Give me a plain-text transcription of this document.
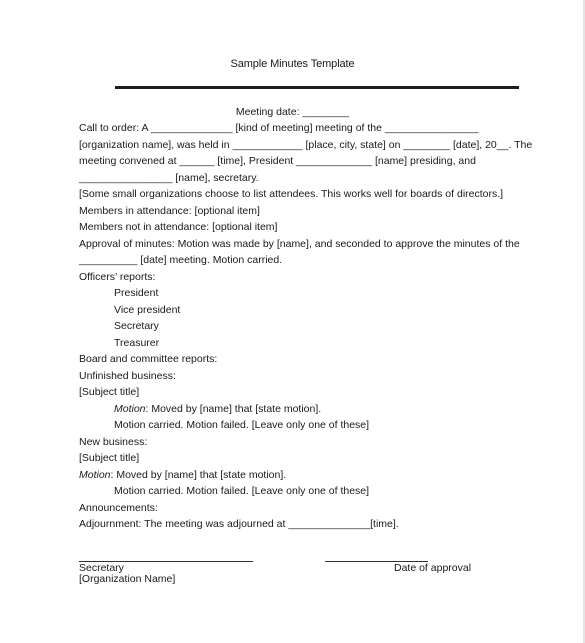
Sample Minutes Template
Meeting date: ________
Call to order: A ______________ [kind of meeting] meeting of the ________________
[organization name], was held in ____________ [place, city, state] on ________ [date], 20__. The
meeting convened at ______ [time], President _____________ [name] presiding, and
________________ [name], secretary.
[Some small organizations choose to list attendees. This works well for boards of directors.]
Members in attendance: [optional item]
Members not in attendance: [optional item]
Approval of minutes: Motion was made by [name], and seconded to approve the minutes of the
__________ [date] meeting. Motion carried.
Officers’ reports:
President
Vice president
Secretary
Treasurer
Board and committee reports:
Unfinished business:
[Subject title]
Motion: Moved by [name] that [state motion].
Motion carried. Motion failed. [Leave only one of these]
New business:
[Subject title]
Motion: Moved by [name] that [state motion].
Motion carried. Motion failed. [Leave only one of these]
Announcements:
Adjournment: The meeting was adjourned at ______________[time].
Secretary	Date of approval
[Organization Name]
